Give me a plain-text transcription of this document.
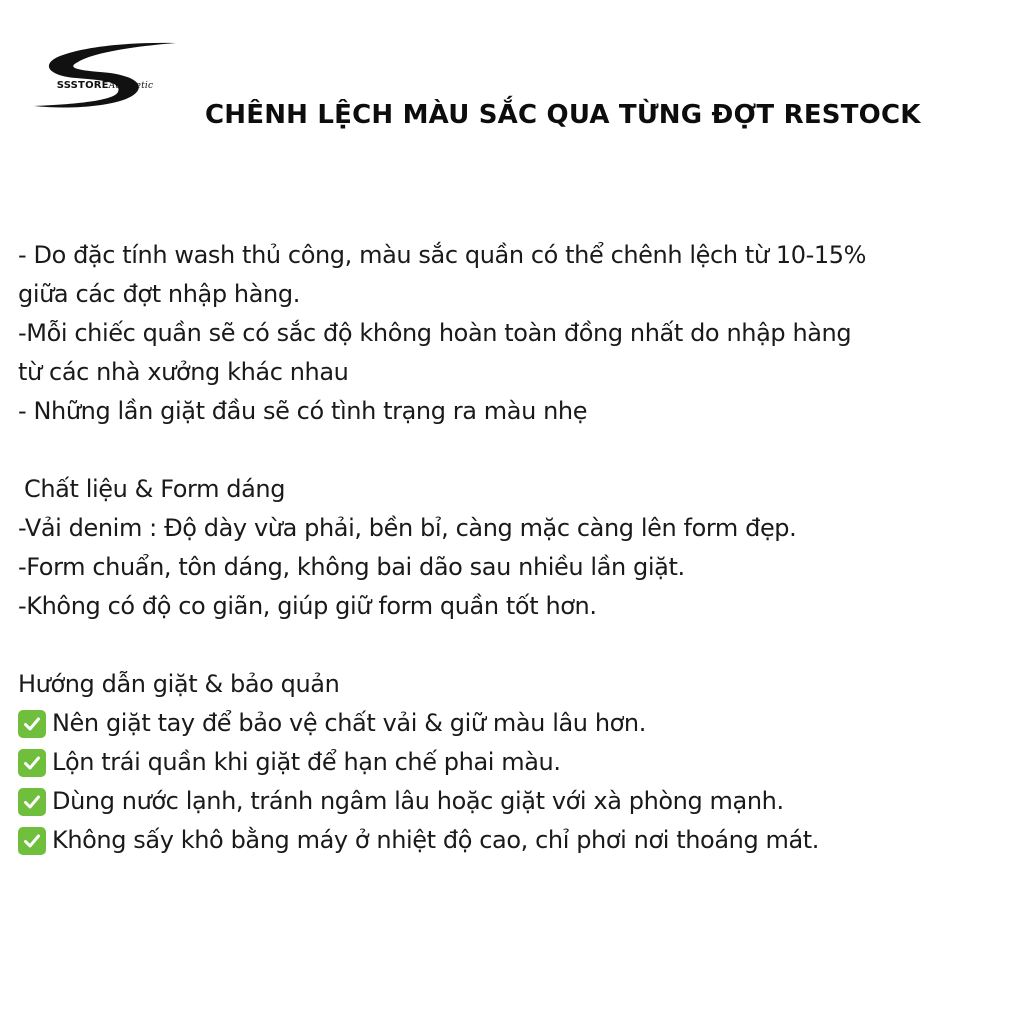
SSSTOREAesthetic
CHÊNH LỆCH MÀU SẮC QUA TỪNG ĐỢT RESTOCK
- Do đặc tính wash thủ công, màu sắc quần có thể chênh lệch từ 10-15%
giữa các đợt nhập hàng.
-Mỗi chiếc quần sẽ có sắc độ không hoàn toàn đồng nhất do nhập hàng
từ các nhà xưởng khác nhau
- Những lần giặt đầu sẽ có tình trạng ra màu nhẹ
Chất liệu & Form dáng
-Vải denim : Độ dày vừa phải, bền bỉ, càng mặc càng lên form đẹp.
-Form chuẩn, tôn dáng, không bai dão sau nhiều lần giặt.
-Không có độ co giãn, giúp giữ form quần tốt hơn.
Hướng dẫn giặt & bảo quản
Nên giặt tay để bảo vệ chất vải & giữ màu lâu hơn.
Lộn trái quần khi giặt để hạn chế phai màu.
Dùng nước lạnh, tránh ngâm lâu hoặc giặt với xà phòng mạnh.
Không sấy khô bằng máy ở nhiệt độ cao, chỉ phơi nơi thoáng mát.
